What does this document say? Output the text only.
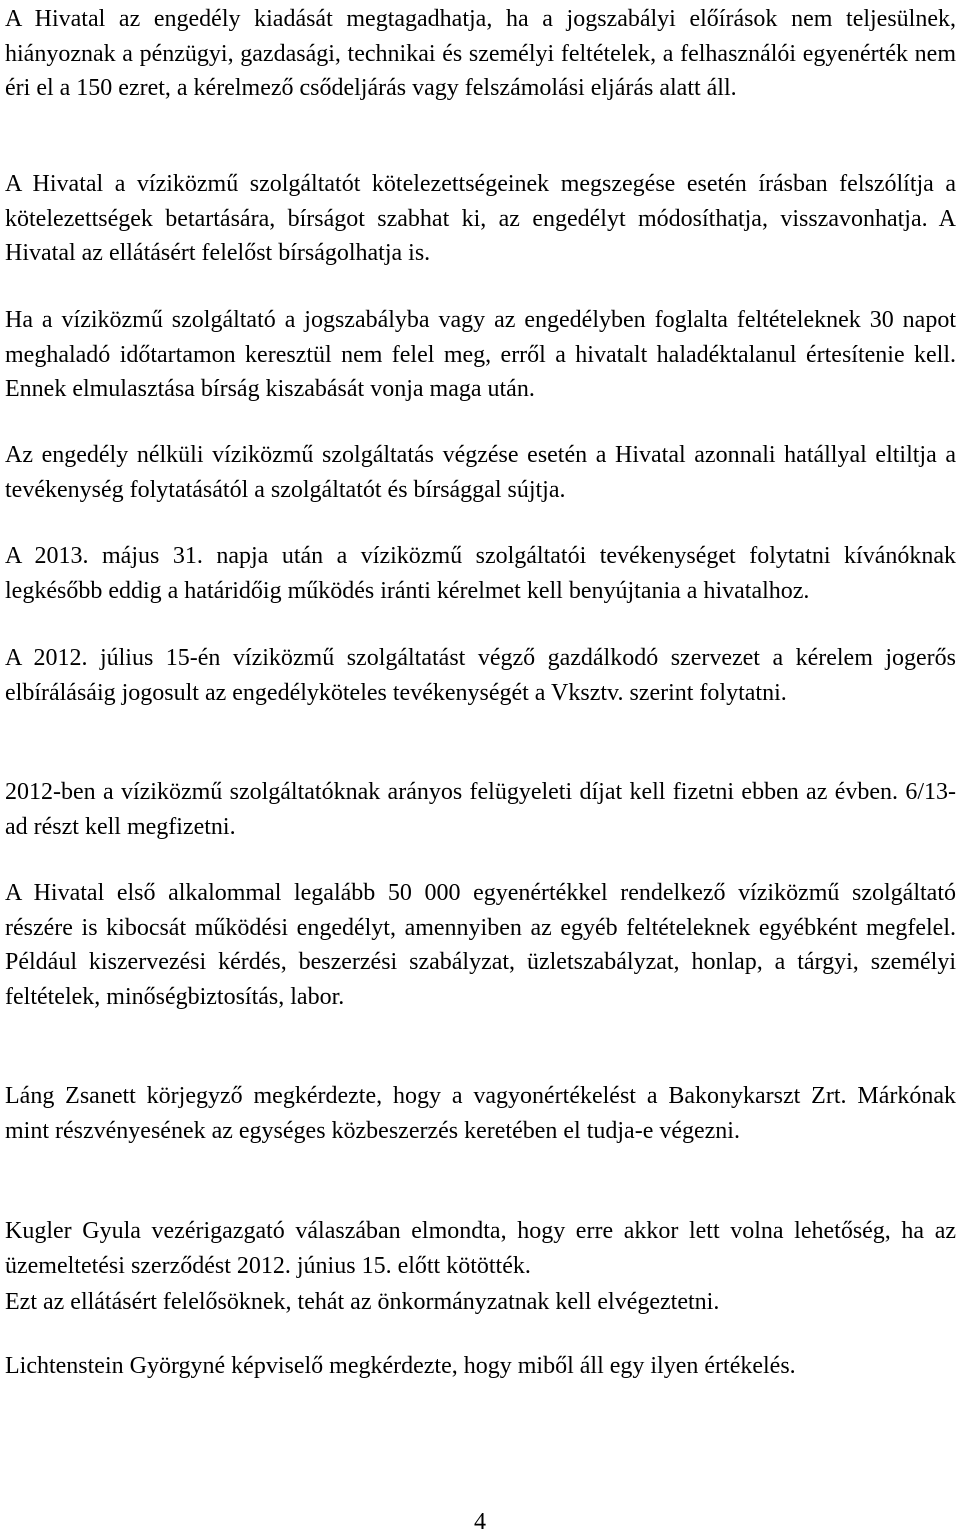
A Hivatal az engedély kiadását megtagadhatja, ha a jogszabályi előírások nem teljesülnek, hiányoznak a pénzügyi, gazdasági, technikai és személyi feltételek, a felhasználói egyenérték nem éri el a 150 ezret, a kérelmező csődeljárás vagy felszámolási eljárás alatt áll.

A Hivatal a víziközmű szolgáltatót kötelezettségeinek megszegése esetén írásban felszólítja a kötelezettségek betartására, bírságot szabhat ki, az engedélyt módosíthatja, visszavonhatja. A Hivatal az ellátásért felelőst bírságolhatja is.

Ha a víziközmű szolgáltató a jogszabályba vagy az engedélyben foglalta feltételeknek 30 napot meghaladó időtartamon keresztül nem felel meg, erről a hivatalt haladéktalanul értesítenie kell. Ennek elmulasztása bírság kiszabását vonja maga után.

Az engedély nélküli víziközmű szolgáltatás végzése esetén a Hivatal azonnali hatállyal eltiltja a tevékenység folytatásától a szolgáltatót és bírsággal sújtja.

A 2013. május 31. napja után a víziközmű szolgáltatói tevékenységet folytatni kívánóknak legkésőbb eddig a határidőig működés iránti kérelmet kell benyújtania a hivatalhoz.

A 2012. július 15-én víziközmű szolgáltatást végző gazdálkodó szervezet a kérelem jogerős elbírálásáig jogosult az engedélyköteles tevékenységét a Vksztv. szerint folytatni.

2012-ben a víziközmű szolgáltatóknak arányos felügyeleti díjat kell fizetni ebben az évben. 6/13-ad részt kell megfizetni.

A Hivatal első alkalommal legalább 50 000 egyenértékkel rendelkező víziközmű szolgáltató részére is kibocsát működési engedélyt, amennyiben az egyéb feltételeknek egyébként megfelel. Például kiszervezési kérdés, beszerzési szabályzat, üzletszabályzat, honlap, a tárgyi, személyi feltételek, minőségbiztosítás, labor.

Láng Zsanett körjegyző megkérdezte, hogy a vagyonértékelést a Bakonykarszt Zrt. Márkónak mint részvényesének az egységes közbeszerzés keretében el tudja-e végezni.

Kugler Gyula vezérigazgató válaszában elmondta, hogy erre akkor lett volna lehetőség, ha az üzemeltetési szerződést 2012. június 15. előtt kötötték.

Ezt az ellátásért felelősöknek, tehát az önkormányzatnak kell elvégeztetni.

Lichtenstein Györgyné képviselő megkérdezte, hogy miből áll egy ilyen értékelés.

4
